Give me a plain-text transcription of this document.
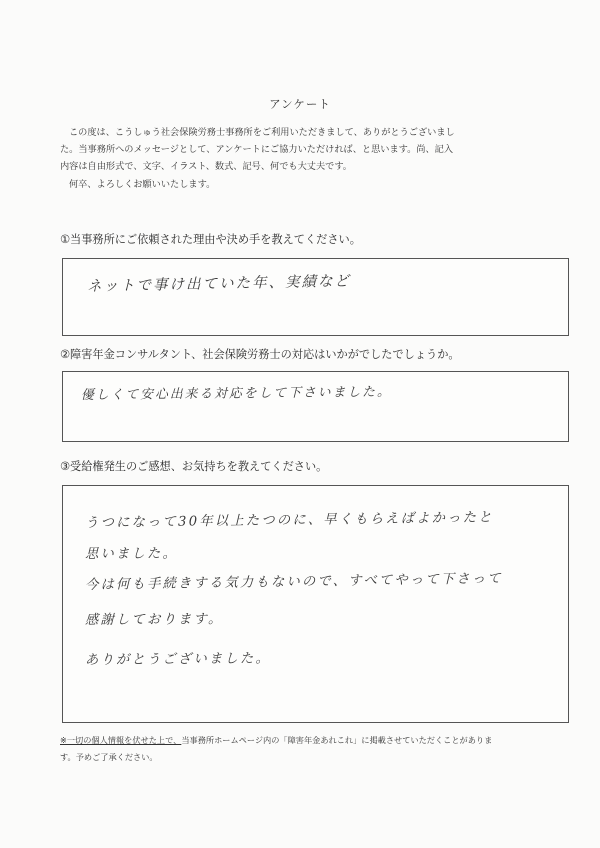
アンケート

この度は、こうしゅう社会保険労務士事務所をご利用いただきまして、ありがとうございまし

た。当事務所へのメッセージとして、アンケートにご協力いただければ、と思います。尚、記入

内容は自由形式で、文字、イラスト、数式、記号、何でも大丈夫です。

何卒、よろしくお願いいたします。

①当事務所にご依頼された理由や決め手を教えてください。
ネットで事け出ていた年、実績など
②障害年金コンサルタント、社会保険労務士の対応はいかがでしたでしょうか。
優しくて安心出来る対応をして下さいました。
③受給権発生のご感想、お気持ちを教えてください。
うつになって30年以上たつのに、早くもらえばよかったと
思いました。
今は何も手続きする気力もないので、すべてやって下さって
感謝しております。
ありがとうございました。

※一切の個人情報を伏せた上で、当事務所ホームページ内の「障害年金あれこれ」に掲載させていただくことがありま

す。予めご了承ください。
